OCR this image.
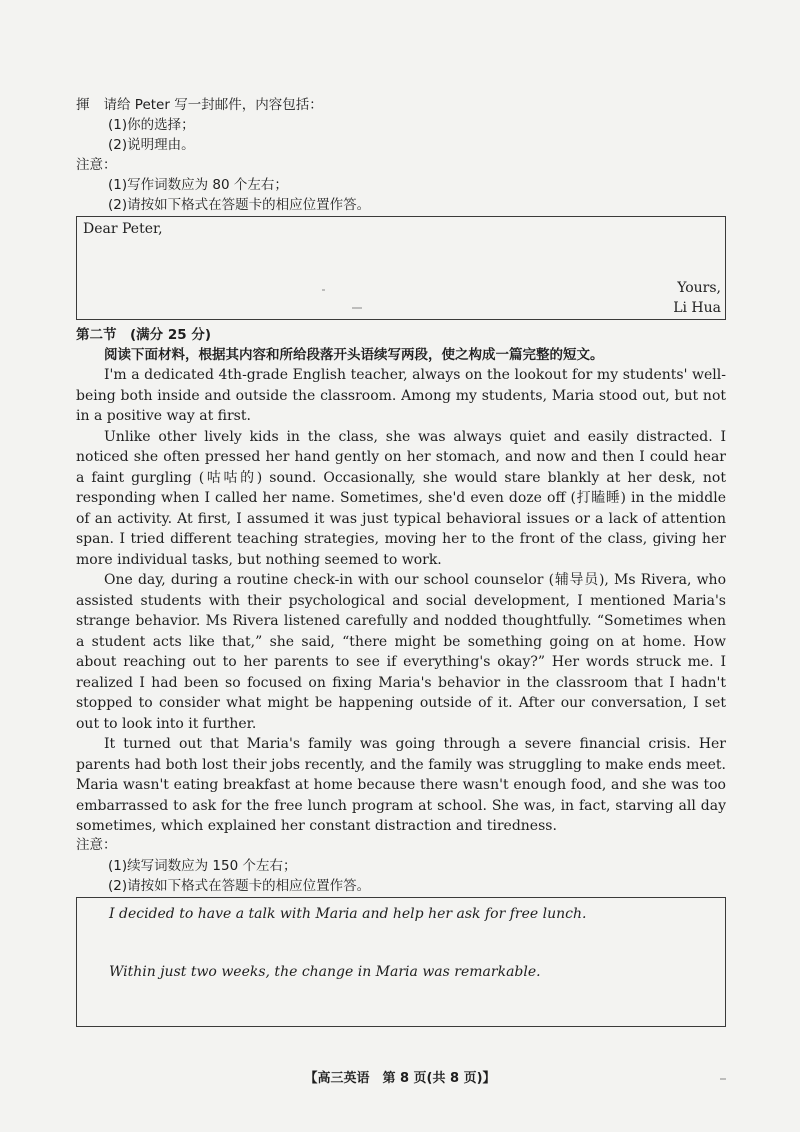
揮 请给 Peter 写一封邮件，内容包括：
(1)你的选择；
(2)说明理由。
注意：
(1)写作词数应为 80 个左右；
(2)请按如下格式在答题卡的相应位置作答。
Dear Peter,
Yours,
Li Hua
第二节　(满分 25 分)
阅读下面材料，根据其内容和所给段落开头语续写两段，使之构成一篇完整的短文。

I'm a dedicated 4th-grade English teacher, always on the lookout for my students' well-being both inside and outside the classroom. Among my students, Maria stood out, but not in a positive way at first.

Unlike other lively kids in the class, she was always quiet and easily distracted. I noticed she often pressed her hand gently on her stomach, and now and then I could hear a faint gurgling (咕咕的) sound. Occasionally, she would stare blankly at her desk, not responding when I called her name. Sometimes, she'd even doze off (打瞌睡) in the middle of an activity. At first, I assumed it was just typical behavioral issues or a lack of attention span. I tried different teaching strategies, moving her to the front of the class, giving her more individual tasks, but nothing seemed to work.

One day, during a routine check-in with our school counselor (辅导员), Ms Rivera, who assisted students with their psychological and social development, I mentioned Maria's strange behavior. Ms Rivera listened carefully and nodded thoughtfully. “Sometimes when a student acts like that,” she said, “there might be something going on at home. How about reaching out to her parents to see if everything's okay?” Her words struck me. I realized I had been so focused on fixing Maria's behavior in the classroom that I hadn't stopped to consider what might be happening outside of it. After our conversation, I set out to look into it further.

It turned out that Maria's family was going through a severe financial crisis. Her parents had both lost their jobs recently, and the family was struggling to make ends meet. Maria wasn't eating breakfast at home because there wasn't enough food, and she was too embarrassed to ask for the free lunch program at school. She was, in fact, starving all day sometimes, which explained her constant distraction and tiredness.

注意：
(1)续写词数应为 150 个左右；
(2)请按如下格式在答题卡的相应位置作答。
I decided to have a talk with Maria and help her ask for free lunch.
Within just two weeks, the change in Maria was remarkable.
【高三英语　第 8 页(共 8 页)】
